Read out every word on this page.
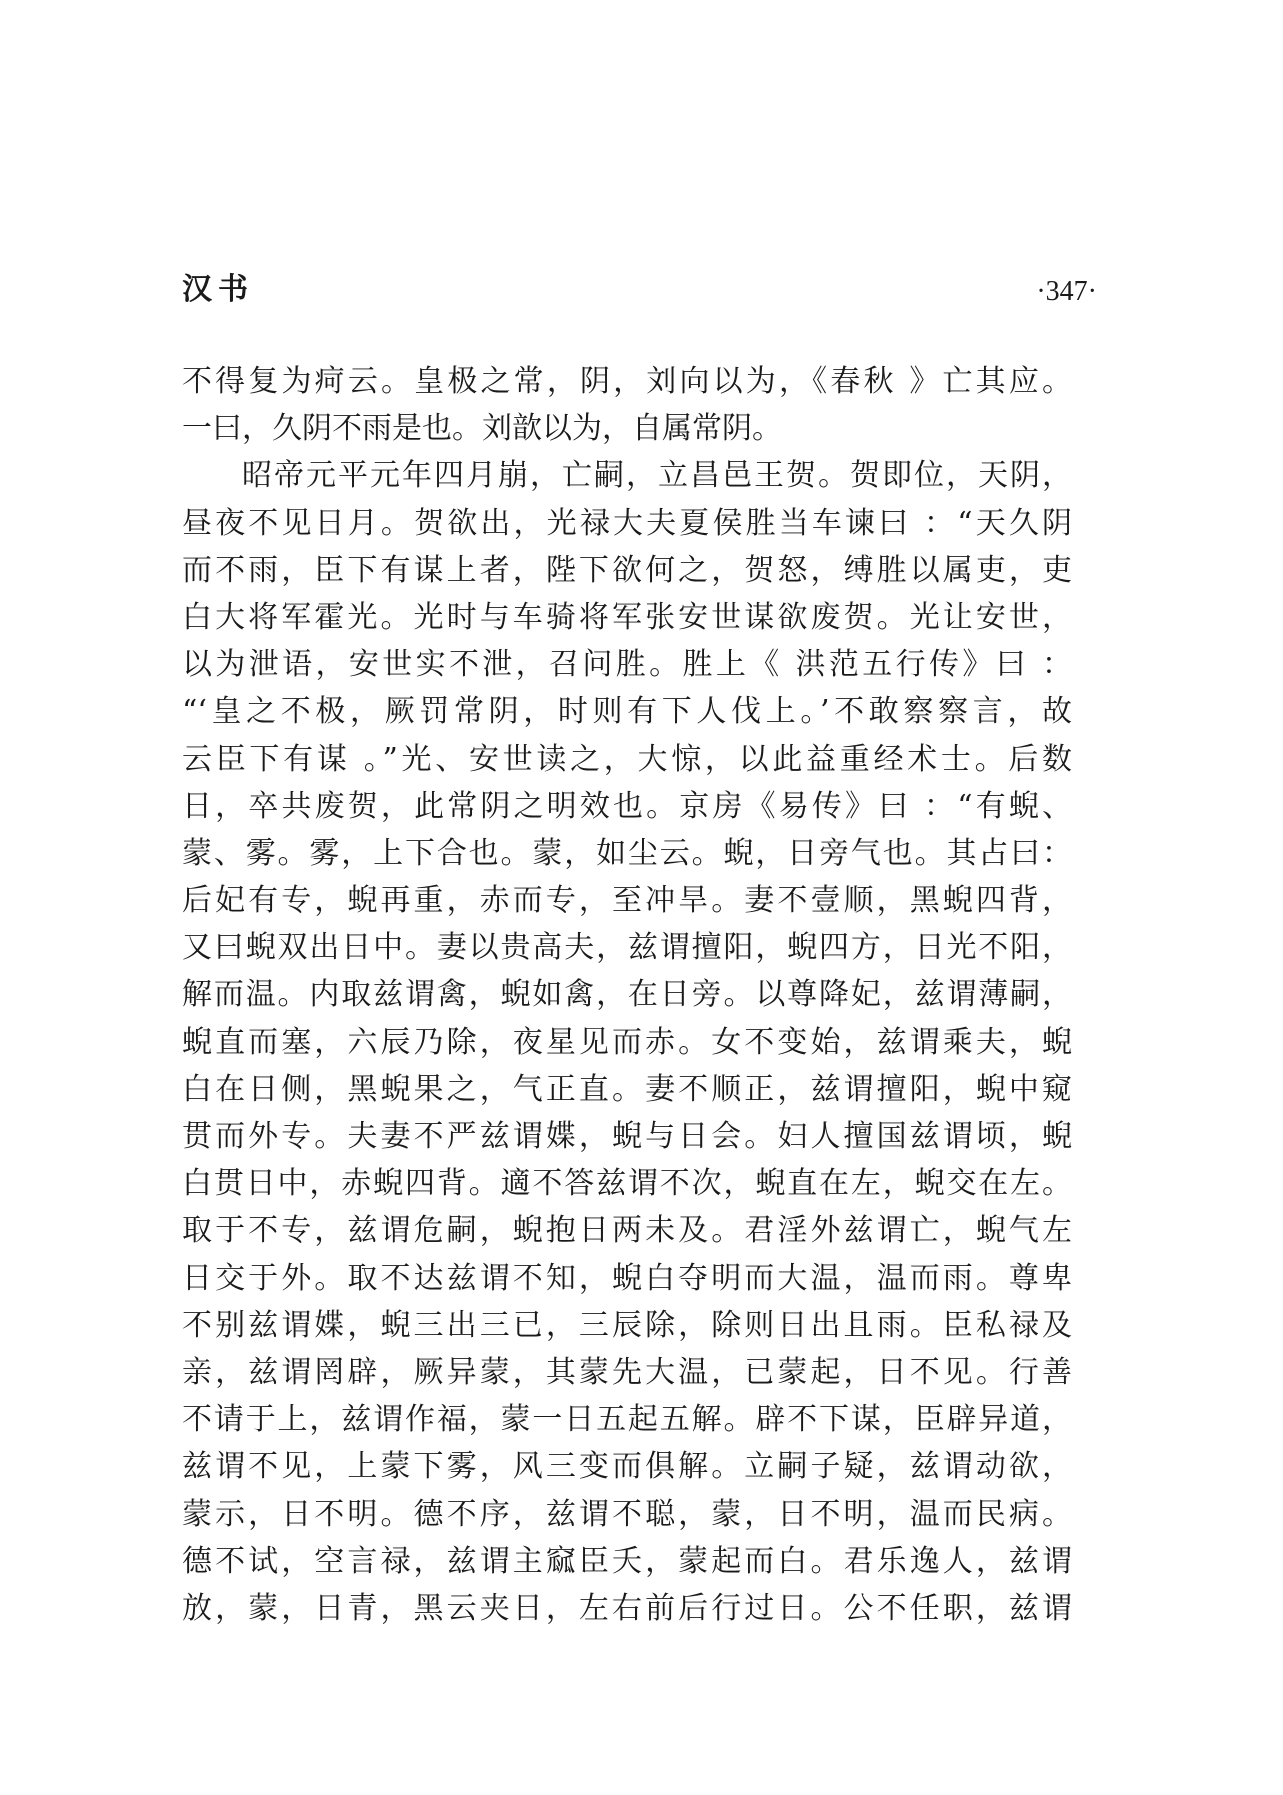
汉书	·347·
不得复为疴云。皇极之常，阴，刘向以为，《春秋 》亡其应。
一曰，久阴不雨是也。刘歆以为，自属常阴。
昭帝元平元年四月崩，亡嗣，立昌邑王贺。贺即位，天阴，
昼夜不见日月。贺欲出，光禄大夫夏侯胜当车谏曰 ：“天久阴
而不雨，臣下有谋上者，陛下欲何之，贺怒，缚胜以属吏，吏
白大将军霍光。光时与车骑将军张安世谋欲废贺。光让安世，
以为泄语，安世实不泄，召问胜。胜上《 洪范五行传》曰 ：
“‘皇之不极，厥罚常阴，时则有下人伐上。’不敢察察言，故
云臣下有谋 。”光、安世读之，大惊，以此益重经术士。后数
日，卒共废贺，此常阴之明效也。京房《易传》曰 ：“有蜺、
蒙、雾。雾，上下合也。蒙，如尘云。蜺，日旁气也。其占曰：
后妃有专，蜺再重，赤而专，至冲旱。妻不壹顺，黑蜺四背，
又曰蜺双出日中。妻以贵高夫，兹谓擅阳，蜺四方，日光不阳，
解而温。内取兹谓禽，蜺如禽，在日旁。以尊降妃，兹谓薄嗣，
蜺直而塞，六辰乃除，夜星见而赤。女不变始，兹谓乘夫，蜺
白在日侧，黑蜺果之，气正直。妻不顺正，兹谓擅阳，蜺中窥
贯而外专。夫妻不严兹谓媟，蜺与日会。妇人擅国兹谓顷，蜺
白贯日中，赤蜺四背。適不答兹谓不次，蜺直在左，蜺交在左。
取于不专，兹谓危嗣，蜺抱日两未及。君淫外兹谓亡，蜺气左
日交于外。取不达兹谓不知，蜺白夺明而大温，温而雨。尊卑
不别兹谓媟，蜺三出三已，三辰除，除则日出且雨。臣私禄及
亲，兹谓罔辟，厥异蒙，其蒙先大温，已蒙起，日不见。行善
不请于上，兹谓作福，蒙一日五起五解。辟不下谋，臣辟异道，
兹谓不见，上蒙下雾，风三变而俱解。立嗣子疑，兹谓动欲，
蒙示，日不明。德不序，兹谓不聪，蒙，日不明，温而民病。
德不试，空言禄，兹谓主窳臣夭，蒙起而白。君乐逸人，兹谓
放，蒙，日青，黑云夹日，左右前后行过日。公不任职，兹谓
